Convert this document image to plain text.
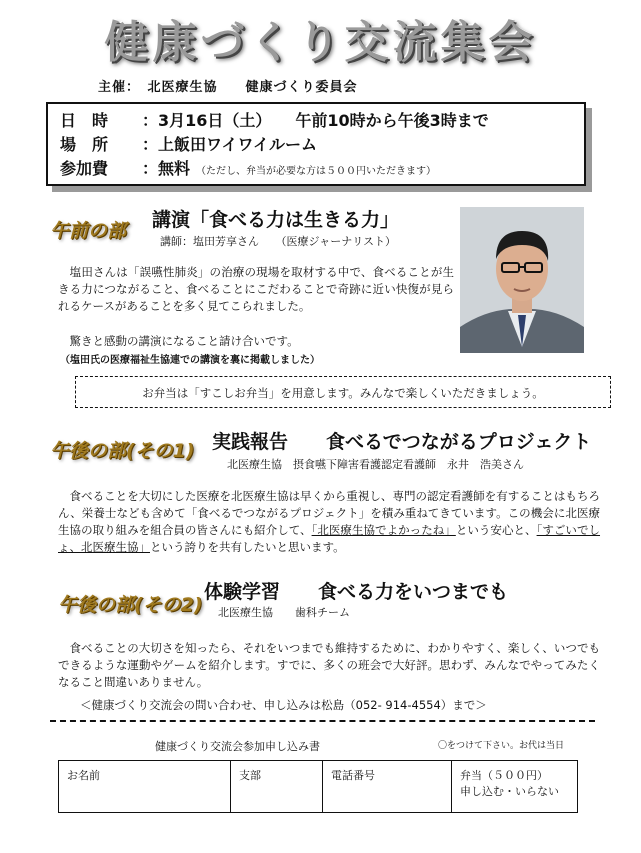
健康づくり交流集会
主催：　北医療生協　　健康づくり委員会
日　時	： 3月16日（土）　　午前10時から午後3時まで
場　所	： 上飯田ワイワイルーム
参加費	： 無料 （ただし、弁当が必要な方は５００円いただきます）
午前の部 講演「食べる力は生きる力」
講師：塩田芳享さん　　（医療ジャーナリスト）
　塩田さんは「誤嚥性肺炎」の治療の現場を取材する中で、食べることが生きる力につながること、食べることにこだわることで奇跡に近い快復が見られるケースがあることを多く見てこられました。
　驚きと感動の講演になること請け合いです。
（塩田氏の医療福祉生協連での講演を裏に掲載しました）
お弁当は「すこしお弁当」を用意します。みんなで楽しくいただきましょう。
午後の部(その1) 実践報告　　食べるでつながるプロジェクト
北医療生協　摂食嚥下障害看護認定看護師　永井　浩美さん
　食べることを大切にした医療を北医療生協は早くから重視し、専門の認定看護師を有することはもちろん、栄養士なども含めて「食べるでつながるプロジェクト」を積み重ねてきています。この機会に北医療生協の取り組みを組合員の皆さんにも紹介して、「北医療生協でよかったね」という安心と、「すごいでしょ、北医療生協」という誇りを共有したいと思います。
午後の部(その2)
体験学習　　食べる力をいつまでも
北医療生協　　歯科チーム
　食べることの大切さを知ったら、それをいつまでも維持するために、わかりやすく、楽しく、いつでもできるような運動やゲームを紹介します。すでに、多くの班会で大好評。思わず、みんなでやってみたくなること間違いありません。
＜健康づくり交流会の問い合わせ、申し込みは松島（052- 914-4554）まで＞
健康づくり交流会参加申し込み書	〇をつけて下さい。お代は当日
お名前	支部	電話番号	弁当（５００円）
申し込む・いらない
